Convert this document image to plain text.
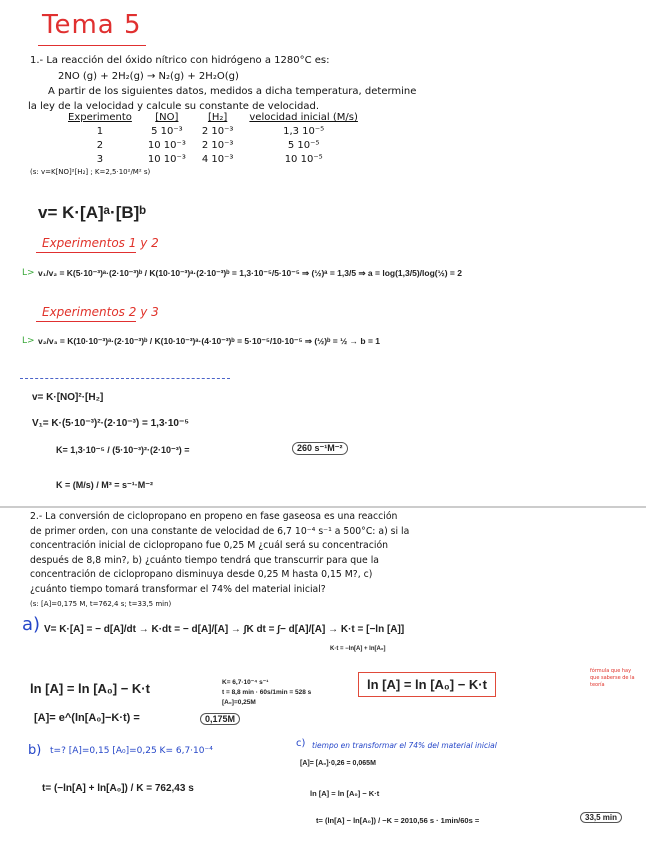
Tema 5
1.- La reacción del óxido nítrico con hidrógeno a 1280°C es:
2NO (g) + 2H₂(g) → N₂(g) + 2H₂O(g)
A partir de los siguientes datos, medidos a dicha temperatura, determine
la ley de la velocidad y calcule su constante de velocidad.
Experimento	[NO]	[H₂]	velocidad inicial (M/s)
1	5 10⁻³	2 10⁻³	1,3 10⁻⁵
2	10 10⁻³	2 10⁻³	5 10⁻⁵
3	10 10⁻³	4 10⁻³	10 10⁻⁵
(s: v=K[NO]²[H₂] ; K=2,5·10²/M² s)
v= K·[A]ᵃ·[B]ᵇ
Experimentos 1 y 2
L> v₁/v₂ = K(5·10⁻³)ᵃ·(2·10⁻³)ᵇ / K(10·10⁻³)ᵃ·(2·10⁻³)ᵇ = 1,3·10⁻⁵/5·10⁻⁵ ⇒ (½)ᵃ = 1,3/5 ⇒ a = log(1,3/5)/log(½) = 2
Experimentos 2 y 3
L> v₂/v₃ = K(10·10⁻³)ᵃ·(2·10⁻³)ᵇ / K(10·10⁻³)ᵃ·(4·10⁻³)ᵇ = 5·10⁻⁵/10·10⁻⁵ ⇒ (½)ᵇ = ½ → b = 1
v= K·[NO]²·[H₂]
V₁= K·(5·10⁻³)²·(2·10⁻³) = 1,3·10⁻⁵
K= 1,3·10⁻⁵ / (5·10⁻³)²·(2·10⁻³) =	260 s⁻¹M⁻²
K = (M/s) / M³ = s⁻¹·M⁻²
2.- La conversión de ciclopropano en propeno en fase gaseosa es una reacción
de primer orden, con una constante de velocidad de 6,7 10⁻⁴ s⁻¹ a 500°C: a) si la
concentración inicial de ciclopropano fue 0,25 M ¿cuál será su concentración
después de 8,8 min?, b) ¿cuánto tiempo tendrá que transcurrir para que la
concentración de ciclopropano disminuya desde 0,25 M hasta 0,15 M?, c)
¿cuánto tiempo tomará transformar el 74% del material inicial?
(s: [A]=0,175 M, t=762,4 s; t=33,5 min)
a) V= K·[A] = − d[A]/dt → K·dt = − d[A]/[A] → ∫K dt = ∫− d[A]/[A] → K·t = [−ln [A]]
K·t = −ln[A] + ln[A₀]
ln [A] = ln [A₀] − K·t	K= 6,7·10⁻⁴ s⁻¹
t = 8,8 min · 60s/1min = 528 s
[A₀]=0,25M
ln [A] = ln [A₀] − K·t
fórmula que hay que saberse de la teoría
[A]= e^(ln[A₀]−K·t) =	0,175M
b) t=? [A]=0,15 [A₀]=0,25 K= 6,7·10⁻⁴
t= (−ln[A] + ln[A₀]) / K = 762,43 s
c) tiempo en transformar el 74% del material inicial
[A]= [A₀]·0,26 = 0,065M
ln [A] = ln [A₀] − K·t
t= (ln[A] − ln[A₀]) / −K = 2010,56 s · 1min/60s =	33,5 min
